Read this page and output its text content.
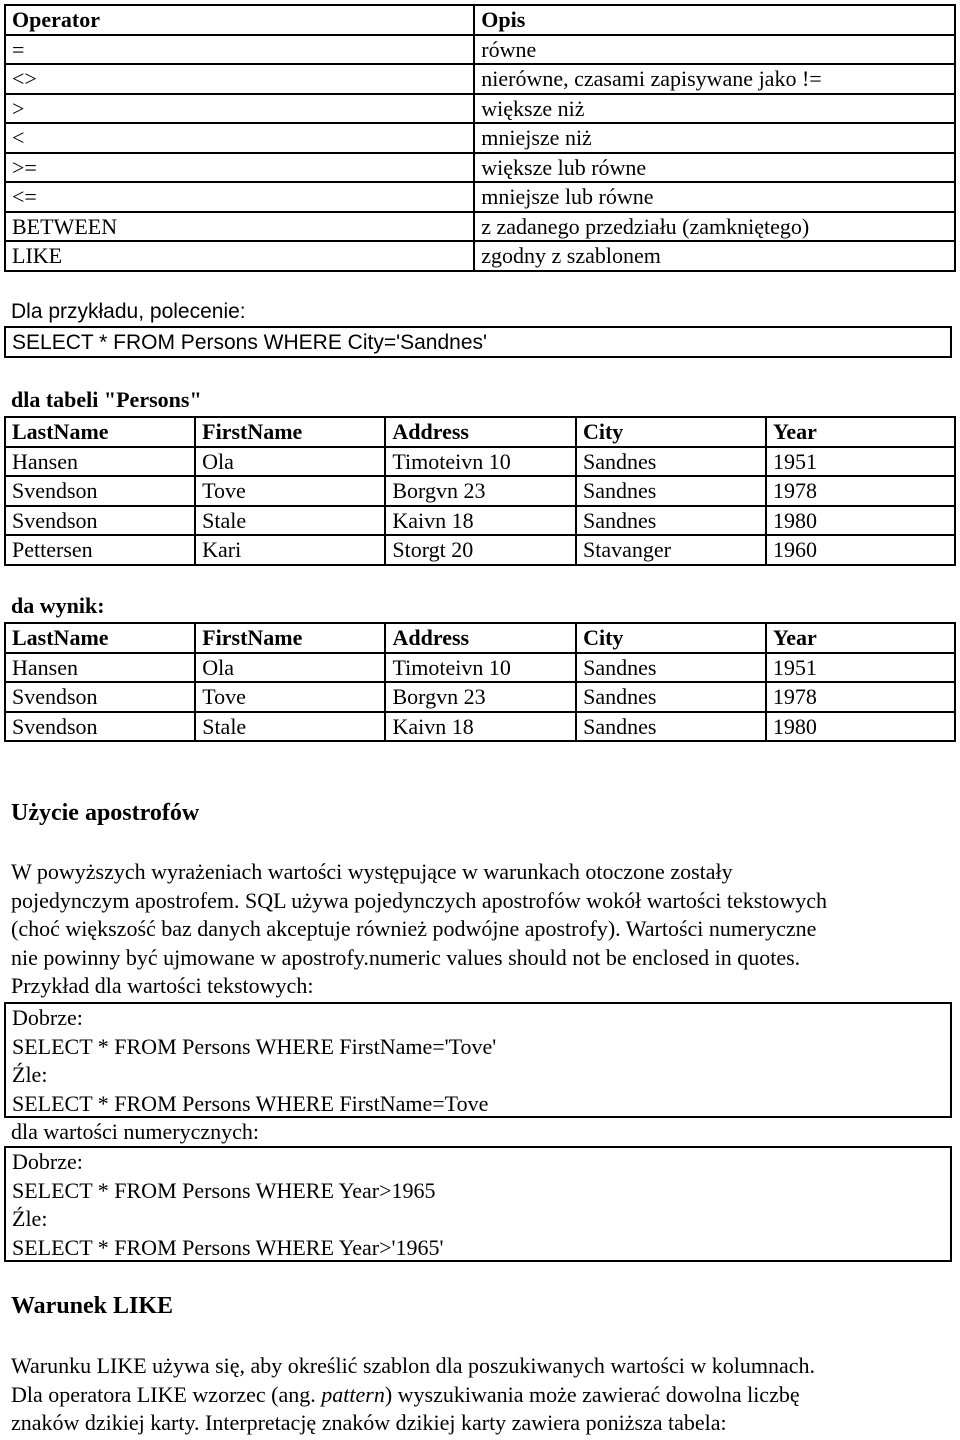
Operator	Opis
=	równe
<>	nierówne, czasami zapisywane jako !=
>	większe niż
<	mniejsze niż
>=	większe lub równe
<=	mniejsze lub równe
BETWEEN	z zadanego przedziału (zamkniętego)
LIKE	zgodny z szablonem
Dla przykładu, polecenie:
SELECT * FROM Persons WHERE City='Sandnes'
dla tabeli "Persons"
LastName	FirstName	Address	City	Year
Hansen	Ola	Timoteivn 10	Sandnes	1951
Svendson	Tove	Borgvn 23	Sandnes	1978
Svendson	Stale	Kaivn 18	Sandnes	1980
Pettersen	Kari	Storgt 20	Stavanger	1960
da wynik:
LastName	FirstName	Address	City	Year
Hansen	Ola	Timoteivn 10	Sandnes	1951
Svendson	Tove	Borgvn 23	Sandnes	1978
Svendson	Stale	Kaivn 18	Sandnes	1980
Użycie apostrofów
W powyższych wyrażeniach wartości występujące w warunkach otoczone zostały
pojedynczym apostrofem. SQL używa pojedynczych apostrofów wokół wartości tekstowych
(choć większość baz danych akceptuje również podwójne apostrofy). Wartości numeryczne
nie powinny być ujmowane w apostrofy.numeric values should not be enclosed in quotes.
Przykład dla wartości tekstowych:
Dobrze:
SELECT * FROM Persons WHERE FirstName='Tove'
Źle:
SELECT * FROM Persons WHERE FirstName=Tove
dla wartości numerycznych:
Dobrze:
SELECT * FROM Persons WHERE Year>1965
Źle:
SELECT * FROM Persons WHERE Year>'1965'
Warunek LIKE
Warunku LIKE używa się, aby określić szablon dla poszukiwanych wartości w kolumnach.
Dla operatora LIKE wzorzec (ang. pattern) wyszukiwania może zawierać dowolna liczbę
znaków dzikiej karty. Interpretację znaków dzikiej karty zawiera poniższa tabela:
